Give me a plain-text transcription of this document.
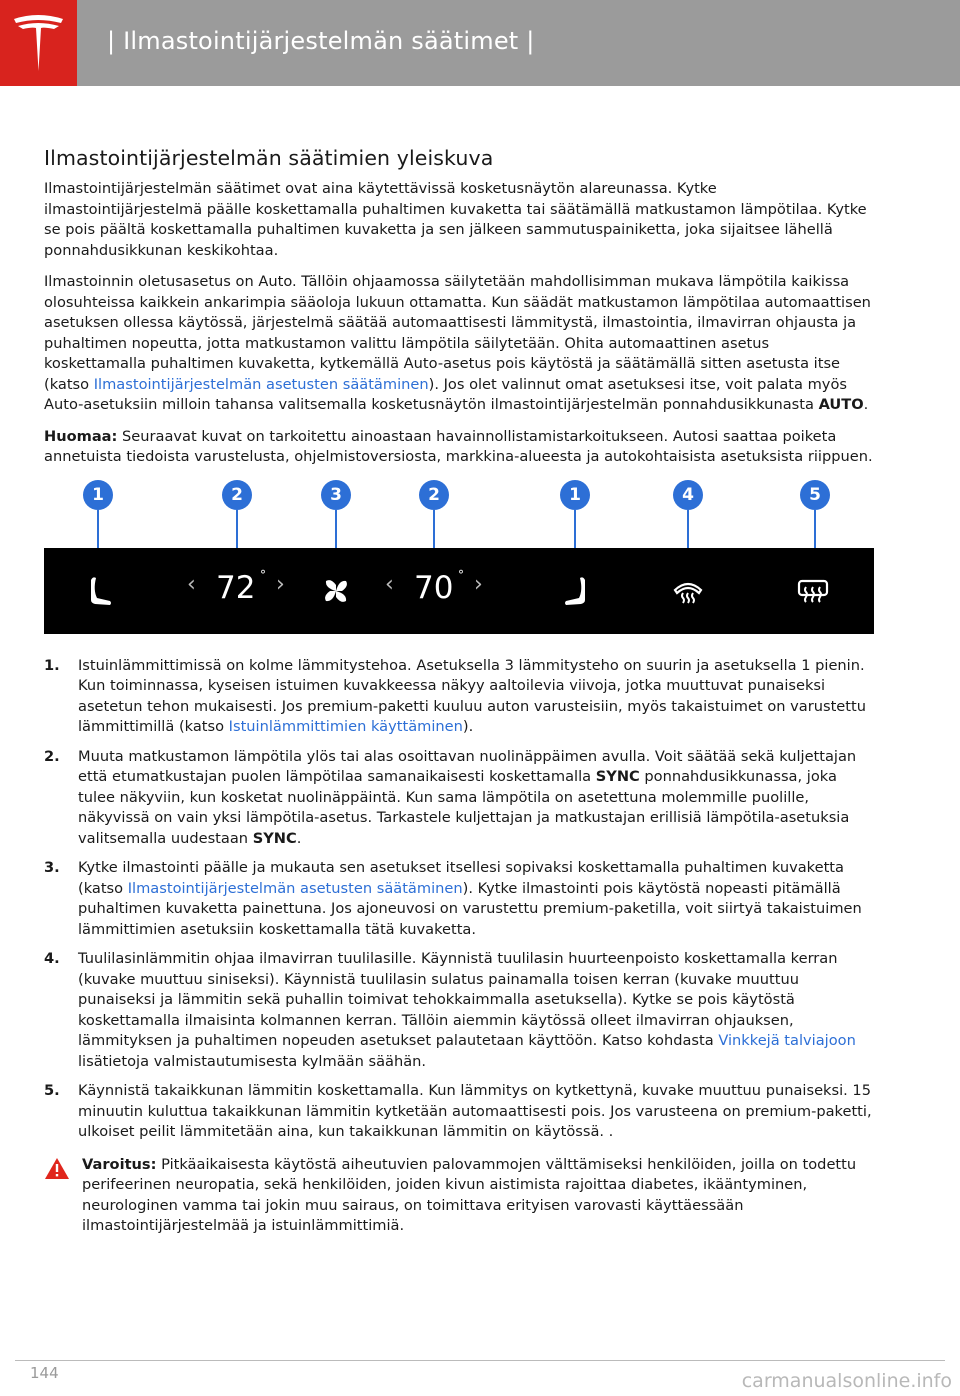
| Ilmastointijärjestelmän säätimet |
Ilmastointijärjestelmän säätimien yleiskuva

Ilmastointijärjestelmän säätimet ovat aina käytettävissä kosketusnäytön alareunassa. Kytke ilmastointijärjestelmä päälle koskettamalla puhaltimen kuvaketta tai säätämällä matkustamon lämpötilaa. Kytke se pois päältä koskettamalla puhaltimen kuvaketta ja sen jälkeen sammutuspainiketta, joka sijaitsee lähellä ponnahdusikkunan keskikohtaa.

Ilmastoinnin oletusasetus on Auto. Tällöin ohjaamossa säilytetään mahdollisimman mukava lämpötila kaikissa olosuhteissa kaikkein ankarimpia sääoloja lukuun ottamatta. Kun säädät matkustamon lämpötilaa automaattisen asetuksen ollessa käytössä, järjestelmä säätää automaattisesti lämmitystä, ilmastointia, ilmavirran ohjausta ja puhaltimen nopeutta, jotta matkustamon valittu lämpötila säilytetään. Ohita automaattinen asetus koskettamalla puhaltimen kuvaketta, kytkemällä Auto-asetus pois käytöstä ja säätämällä sitten asetusta itse (katso Ilmastointijärjestelmän asetusten säätäminen). Jos olet valinnut omat asetuksesi itse, voit palata myös Auto-asetuksiin milloin tahansa valitsemalla kosketusnäytön ilmastointijärjestelmän ponnahdusikkunasta AUTO.

Huomaa: Seuraavat kuvat on tarkoitettu ainoastaan havainnollistamistarkoitukseen. Autosi saattaa poiketa annetuista tiedoista varustelusta, ohjelmistoversiosta, markkina-alueesta ja autokohtaisista asetuksista riippuen.

1	2	3	2	1	4	5
‹ 72 ° ›	‹ 70 ° ›
1. Istuinlämmittimissä on kolme lämmitystehoa. Asetuksella 3 lämmitysteho on suurin ja asetuksella 1 pienin. Kun toiminnassa, kyseisen istuimen kuvakkeessa näkyy aaltoilevia viivoja, jotka muuttuvat punaiseksi asetetun tehon mukaisesti. Jos premium-paketti kuuluu auton varusteisiin, myös takaistuimet on varustettu lämmittimillä (katso Istuinlämmittimien käyttäminen).
2. Muuta matkustamon lämpötila ylös tai alas osoittavan nuolinäppäimen avulla. Voit säätää sekä kuljettajan että etumatkustajan puolen lämpötilaa samanaikaisesti koskettamalla SYNC ponnahdusikkunassa, joka tulee näkyviin, kun kosketat nuolinäppäintä. Kun sama lämpötila on asetettuna molemmille puolille, näkyvissä on vain yksi lämpötila-asetus. Tarkastele kuljettajan ja matkustajan erillisiä lämpötila-asetuksia valitsemalla uudestaan SYNC.
3. Kytke ilmastointi päälle ja mukauta sen asetukset itsellesi sopivaksi koskettamalla puhaltimen kuvaketta (katso Ilmastointijärjestelmän asetusten säätäminen). Kytke ilmastointi pois käytöstä nopeasti pitämällä puhaltimen kuvaketta painettuna. Jos ajoneuvosi on varustettu premium-paketilla, voit siirtyä takaistuimen lämmittimien asetuksiin koskettamalla tätä kuvaketta.
4. Tuulilasinlämmitin ohjaa ilmavirran tuulilasille. Käynnistä tuulilasin huurteenpoisto koskettamalla kerran (kuvake muuttuu siniseksi). Käynnistä tuulilasin sulatus painamalla toisen kerran (kuvake muuttuu punaiseksi ja lämmitin sekä puhallin toimivat tehokkaimmalla asetuksella). Kytke se pois käytöstä koskettamalla ilmaisinta kolmannen kerran. Tällöin aiemmin käytössä olleet ilmavirran ohjauksen, lämmityksen ja puhaltimen nopeuden asetukset palautetaan käyttöön. Katso kohdasta Vinkkejä talviajoon lisätietoja valmistautumisesta kylmään säähän.
5. Käynnistä takaikkunan lämmitin koskettamalla. Kun lämmitys on kytkettynä, kuvake muuttuu punaiseksi. 15 minuutin kuluttua takaikkunan lämmitin kytketään automaattisesti pois. Jos varusteena on premium-paketti, ulkoiset peilit lämmitetään aina, kun takaikkunan lämmitin on käytössä. .
Varoitus: Pitkäaikaisesta käytöstä aiheutuvien palovammojen välttämiseksi henkilöiden, joilla on todettu perifeerinen neuropatia, sekä henkilöiden, joiden kivun aistimista rajoittaa diabetes, ikääntyminen, neurologinen vamma tai jokin muu sairaus, on toimittava erityisen varovasti käyttäessään ilmastointijärjestelmää ja istuinlämmittimiä.
144	carmanualsonline.info
